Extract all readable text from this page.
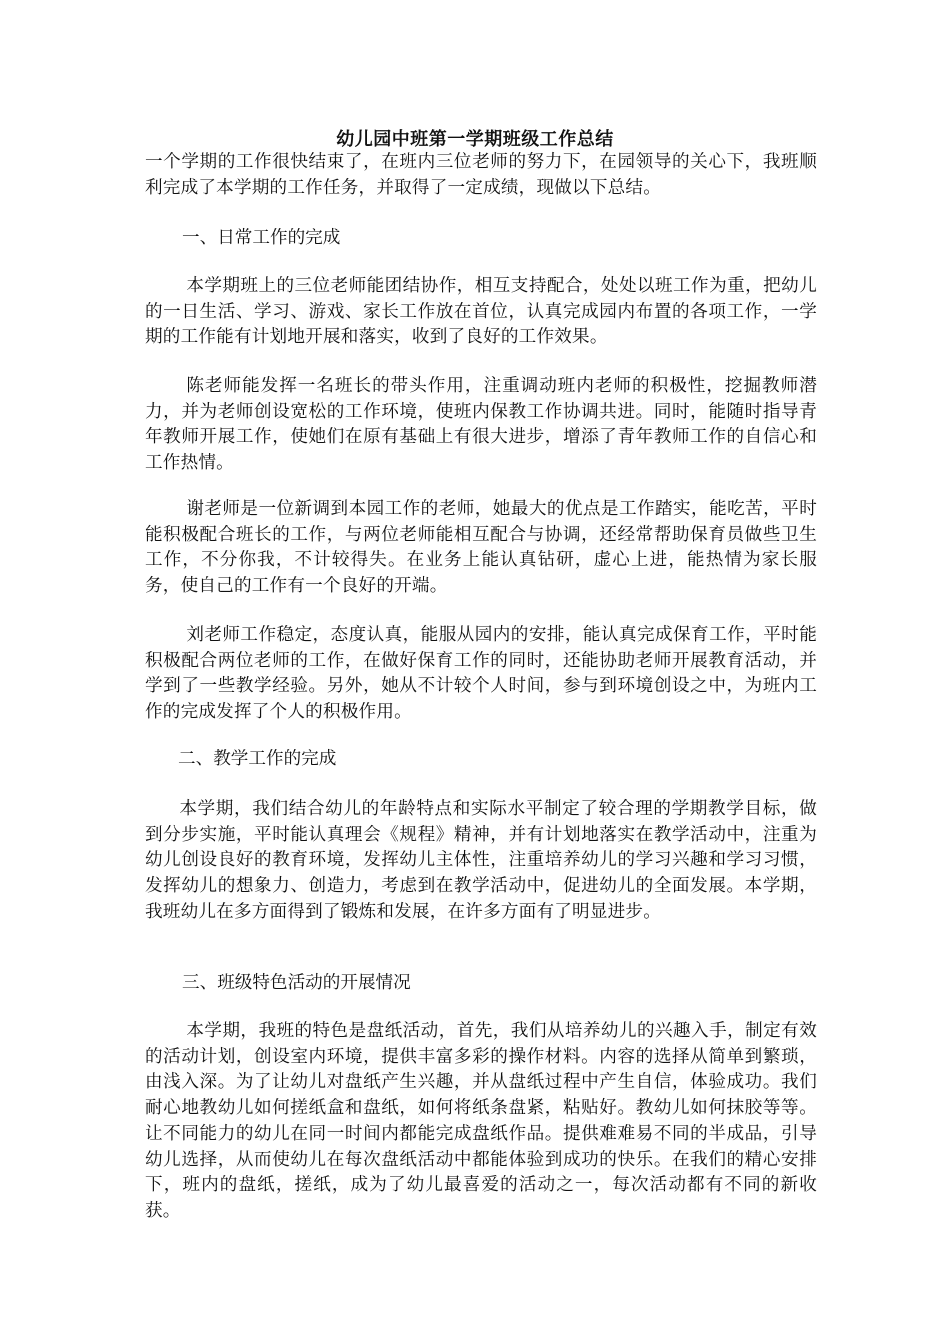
幼儿园中班第一学期班级工作总结
一个学期的工作很快结束了，在班内三位老师的努力下，在园领导的关心下，我班顺利完成了本学期的工作任务，并取得了一定成绩，现做以下总结。
一、日常工作的完成
本学期班上的三位老师能团结协作，相互支持配合，处处以班工作为重，把幼儿的一日生活、学习、游戏、家长工作放在首位，认真完成园内布置的各项工作，一学期的工作能有计划地开展和落实，收到了良好的工作效果。
陈老师能发挥一名班长的带头作用，注重调动班内老师的积极性，挖掘教师潜力，并为老师创设宽松的工作环境，使班内保教工作协调共进。同时，能随时指导青年教师开展工作，使她们在原有基础上有很大进步，增添了青年教师工作的自信心和工作热情。
谢老师是一位新调到本园工作的老师，她最大的优点是工作踏实，能吃苦，平时能积极配合班长的工作，与两位老师能相互配合与协调，还经常帮助保育员做些卫生工作，不分你我，不计较得失。在业务上能认真钻研，虚心上进，能热情为家长服务，使自己的工作有一个良好的开端。
刘老师工作稳定，态度认真，能服从园内的安排，能认真完成保育工作，平时能积极配合两位老师的工作，在做好保育工作的同时，还能协助老师开展教育活动，并学到了一些教学经验。另外，她从不计较个人时间，参与到环境创设之中，为班内工作的完成发挥了个人的积极作用。
二、教学工作的完成
本学期，我们结合幼儿的年龄特点和实际水平制定了较合理的学期教学目标，做到分步实施，平时能认真理会《规程》精神，并有计划地落实在教学活动中，注重为幼儿创设良好的教育环境，发挥幼儿主体性，注重培养幼儿的学习兴趣和学习习惯，发挥幼儿的想象力、创造力，考虑到在教学活动中，促进幼儿的全面发展。本学期，我班幼儿在多方面得到了锻炼和发展，在许多方面有了明显进步。
三、班级特色活动的开展情况
本学期，我班的特色是盘纸活动，首先，我们从培养幼儿的兴趣入手，制定有效的活动计划，创设室内环境，提供丰富多彩的操作材料。内容的选择从简单到繁琐，由浅入深。为了让幼儿对盘纸产生兴趣，并从盘纸过程中产生自信，体验成功。我们耐心地教幼儿如何搓纸盒和盘纸，如何将纸条盘紧，粘贴好。教幼儿如何抹胶等等。让不同能力的幼儿在同一时间内都能完成盘纸作品。提供难难易不同的半成品，引导幼儿选择，从而使幼儿在每次盘纸活动中都能体验到成功的快乐。在我们的精心安排下，班内的盘纸，搓纸，成为了幼儿最喜爱的活动之一，每次活动都有不同的新收获。
